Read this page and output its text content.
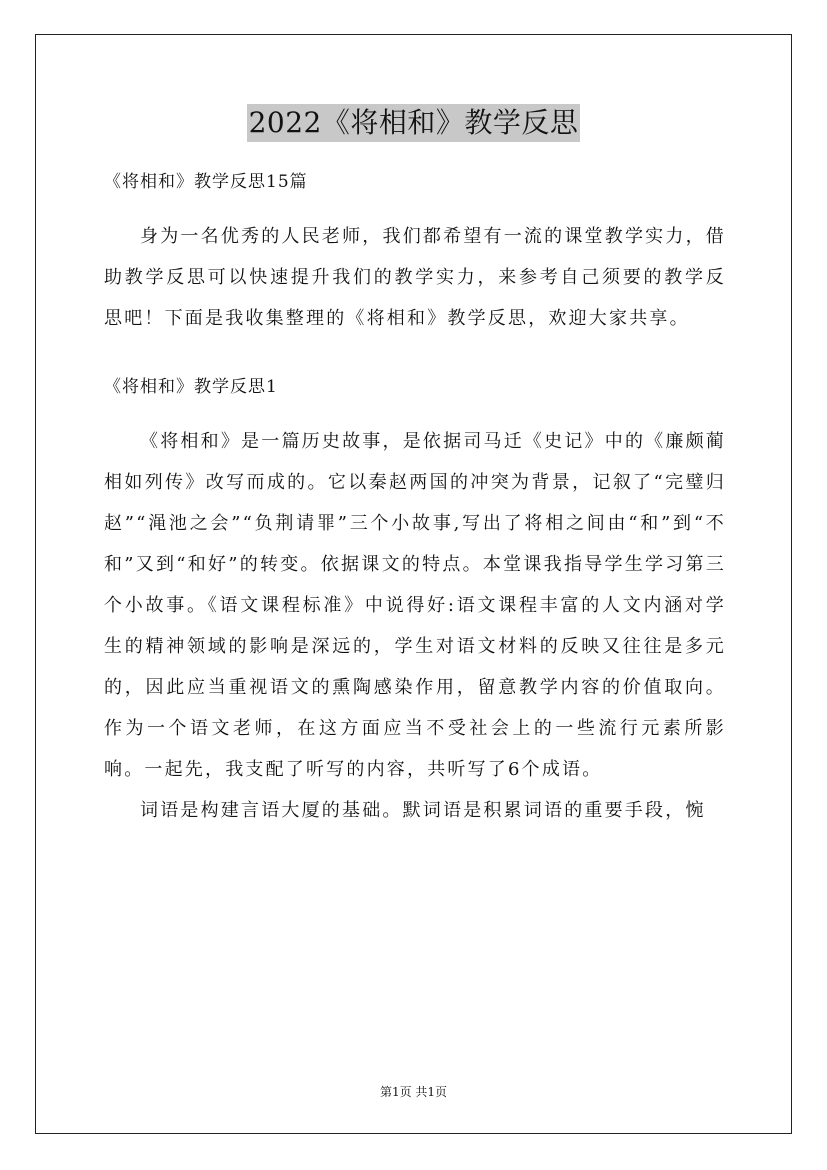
2022《将相和》教学反思

《将相和》教学反思15篇

身为一名优秀的人民老师，我们都希望有一流的课堂教学实力，借助教学反思可以快速提升我们的教学实力，来参考自己须要的教学反思吧！下面是我收集整理的《将相和》教学反思，欢迎大家共享。

《将相和》教学反思1

《将相和》是一篇历史故事，是依据司马迁《史记》中的《廉颇蔺相如列传》改写而成的。它以秦赵两国的冲突为背景，记叙了“完璧归赵”“渑池之会”“负荆请罪”三个小故事,写出了将相之间由“和”到“不和”又到“和好”的转变。依据课文的特点。本堂课我指导学生学习第三个小故事。《语文课程标准》中说得好:语文课程丰富的人文内涵对学生的精神领域的影响是深远的，学生对语文材料的反映又往往是多元的，因此应当重视语文的熏陶感染作用，留意教学内容的价值取向。作为一个语文老师，在这方面应当不受社会上的一些流行元素所影响。一起先，我支配了听写的内容，共听写了6个成语。

词语是构建言语大厦的基础。默词语是积累词语的重要手段，惋

第1页 共1页
